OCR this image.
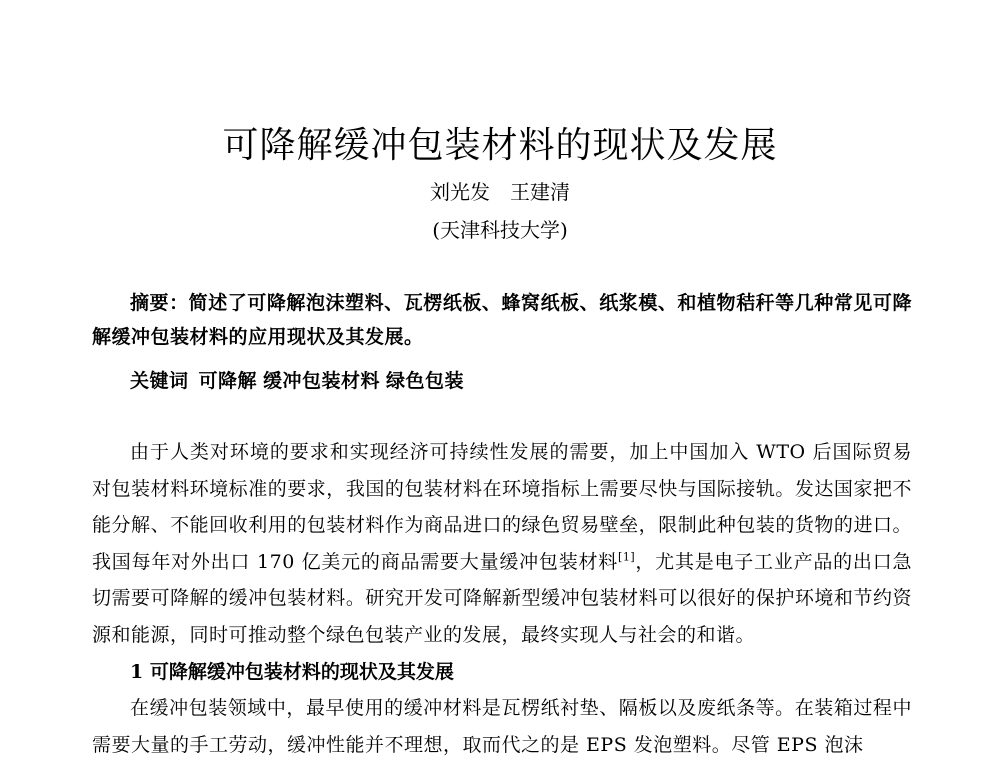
可降解缓冲包装材料的现状及发展
刘光发 王建清
(天津科技大学)
摘要：简述了可降解泡沫塑料、瓦楞纸板、蜂窝纸板、纸浆模、和植物秸秆等几种常见可降解缓冲包装材料的应用现状及其发展。
关键词 可降解 缓冲包装材料 绿色包装
由于人类对环境的要求和实现经济可持续性发展的需要，加上中国加入 WTO 后国际贸易对包装材料环境标准的要求，我国的包装材料在环境指标上需要尽快与国际接轨。发达国家把不能分解、不能回收利用的包装材料作为商品进口的绿色贸易壁垒，限制此种包装的货物的进口。我国每年对外出口 170 亿美元的商品需要大量缓冲包装材料[1]，尤其是电子工业产品的出口急切需要可降解的缓冲包装材料。研究开发可降解新型缓冲包装材料可以很好的保护环境和节约资源和能源，同时可推动整个绿色包装产业的发展，最终实现人与社会的和谐。
1 可降解缓冲包装材料的现状及其发展
在缓冲包装领域中，最早使用的缓冲材料是瓦楞纸衬垫、隔板以及废纸条等。在装箱过程中需要大量的手工劳动，缓冲性能并不理想，取而代之的是 EPS 发泡塑料。尽管 EPS 泡沫
